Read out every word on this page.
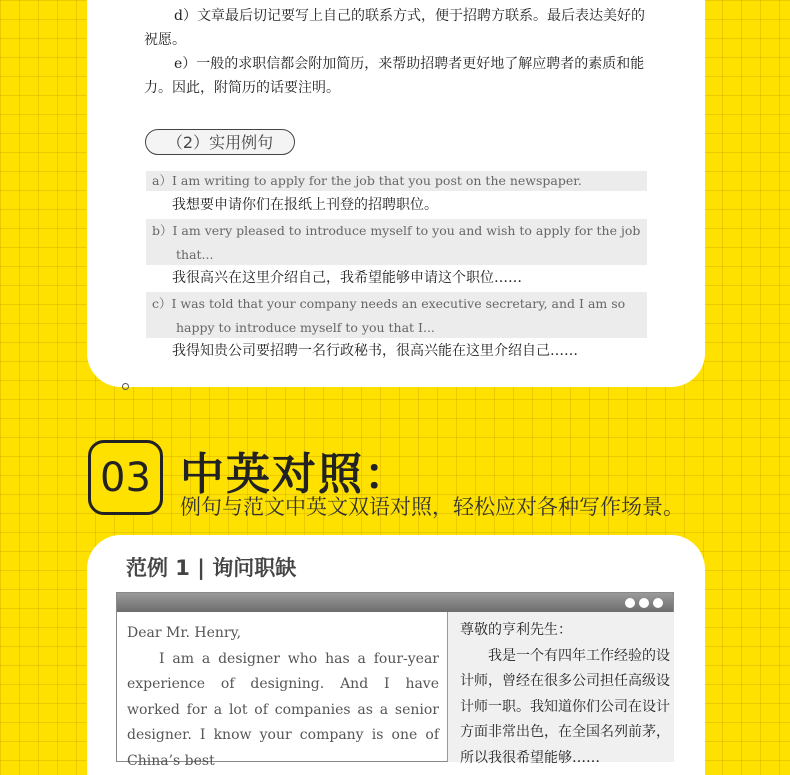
d）文章最后切记要写上自己的联系方式，便于招聘方联系。最后表达美好的祝愿。
e）一般的求职信都会附加简历，来帮助招聘者更好地了解应聘者的素质和能力。因此，附简历的话要注明。
（2）实用例句
a）I am writing to apply for the job that you post on the newspaper.
我想要申请你们在报纸上刊登的招聘职位。
b）I am very pleased to introduce myself to you and wish to apply for the job
that...
我很高兴在这里介绍自己，我希望能够申请这个职位……
c）I was told that your company needs an executive secretary, and I am so
happy to introduce myself to you that I...
我得知贵公司要招聘一名行政秘书，很高兴能在这里介绍自己……
03 中英对照：
例句与范文中英文双语对照，轻松应对各种写作场景。
范例 1 | 询问职缺

Dear Mr. Henry,

I am a designer who has a four-year experience of designing. And I have worked for a lot of companies as a senior designer. I know your company is one of China’s best

尊敬的亨利先生：

我是一个有四年工作经验的设计师，曾经在很多公司担任高级设计师一职。我知道你们公司在设计方面非常出色，在全国名列前茅，所以我很希望能够……
